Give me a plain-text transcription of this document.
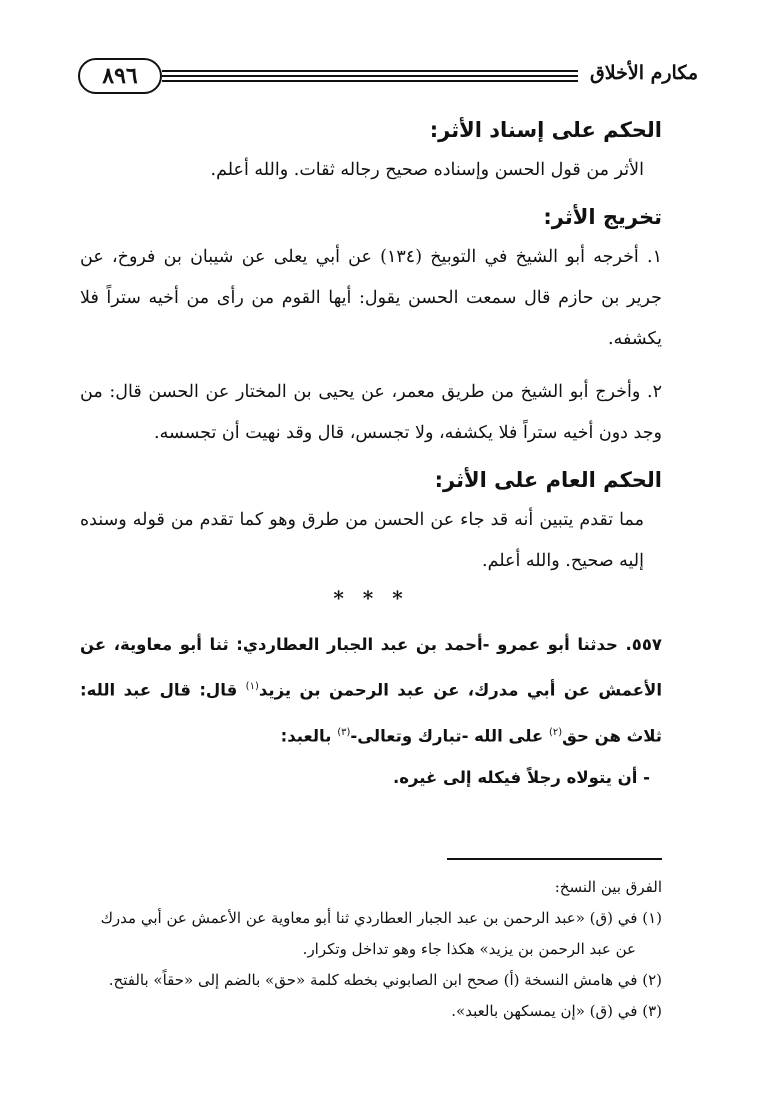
٨٩٦	مكارم الأخلاق
الحكم على إسناد الأثر:

الأثر من قول الحسن وإسناده صحيح رجاله ثقات. والله أعلم.

تخريج الأثر:

١. أخرجه أبو الشيخ في التوبيخ (١٣٤) عن أبي يعلى عن شيبان بن فروخ، عن جرير بن حازم قال سمعت الحسن يقول: أيها القوم من رأى من أخيه ستراً فلا يكشفه.

٢. وأخرج أبو الشيخ من طريق معمر، عن يحيى بن المختار عن الحسن قال: من وجد دون أخيه ستراً فلا يكشفه، ولا تجسس، قال وقد نهيت أن تجسسه.

الحكم العام على الأثر:

مما تقدم يتبين أنه قد جاء عن الحسن من طرق وهو كما تقدم من قوله وسنده إليه صحيح. والله أعلم.

* * *

٥٥٧. حدثنا أبو عمرو -أحمد بن عبد الجبار العطاردي: ثنا أبو معاوية، عن الأعمش عن أبي مدرك، عن عبد الرحمن بن يزيد$^{(١)}$ قال: قال عبد الله: ثلاث هن حق$^{(٢)}$ على الله -تبارك وتعالى-$^{(٣)}$ بالعبد:

- أن يتولاه رجلاً فيكله إلى غيره.

الفرق بين النسخ:

(١) في (ق) «عبد الرحمن بن عبد الجبار العطاردي ثنا أبو معاوية عن الأعمش عن أبي مدرك

عن عبد الرحمن بن يزيد» هكذا جاء وهو تداخل وتكرار.

(٢) في هامش النسخة (أ) صحح ابن الصابوني بخطه كلمة «حق» بالضم إلى «حقاً» بالفتح.

(٣) في (ق) «إن يمسكهن بالعبد».
